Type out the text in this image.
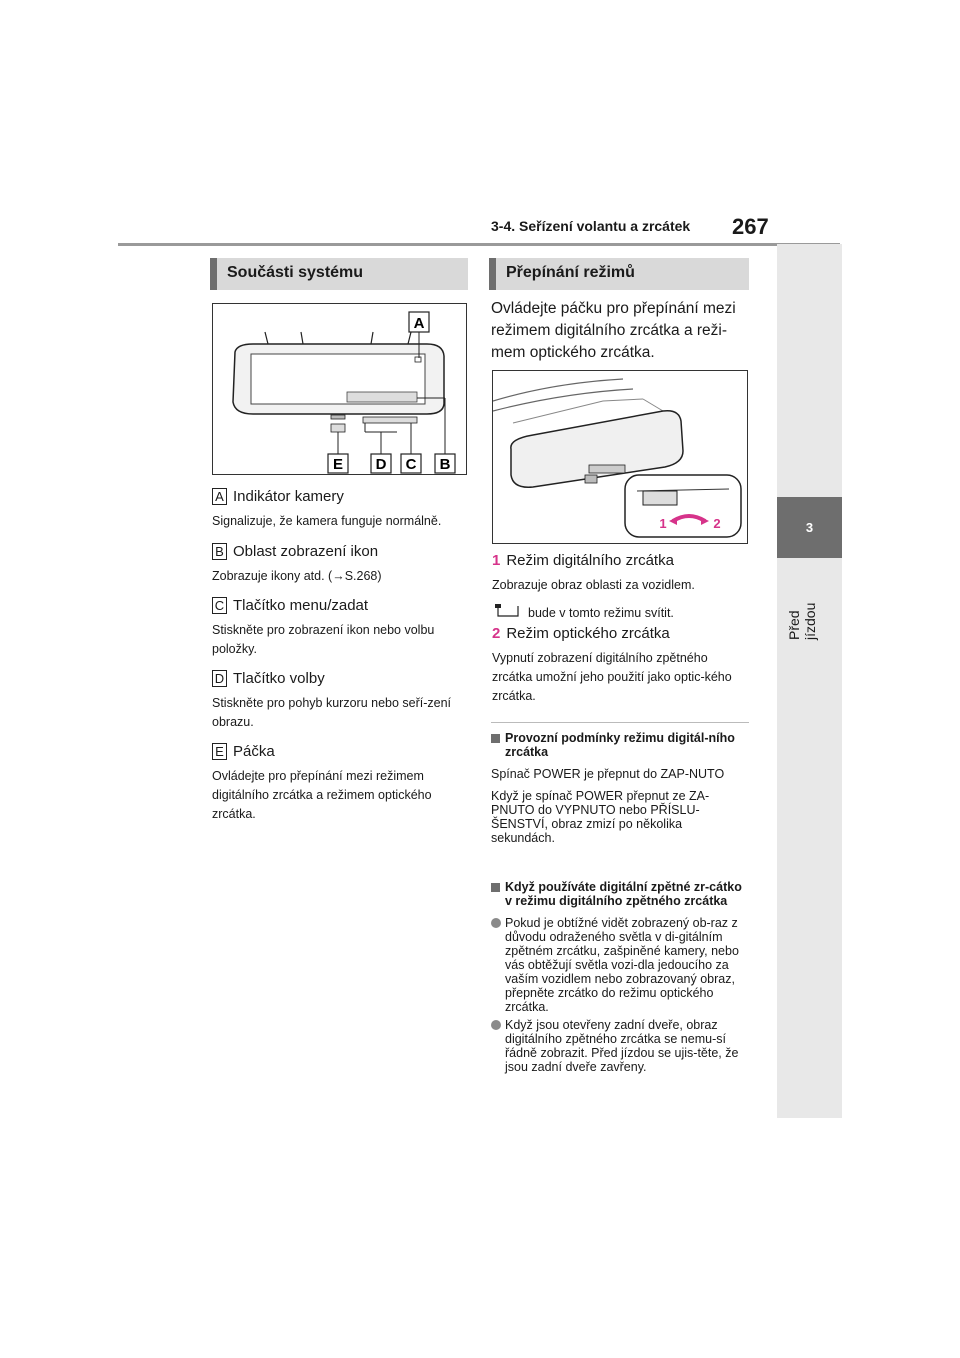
3-4. Seřízení volantu a zrcátek 267
3
Před jízdou
Součásti systému
A
E D C B
A Indikátor kamery
Signalizuje, že kamera funguje normálně.
B Oblast zobrazení ikon
Zobrazuje ikony atd. (→S.268)
C Tlačítko menu/zadat
Stiskněte pro zobrazení ikon nebo volbu položky.
D Tlačítko volby
Stiskněte pro pohyb kurzoru nebo seří-zení obrazu.
E Páčka
Ovládejte pro přepínání mezi režimem digitálního zrcátka a režimem optického zrcátka.
Přepínání režimů
Ovládejte páčku pro přepínání mezi režimem digitálního zrcátka a reži-mem optického zrcátka.
1	2
1 Režim digitálního zrcátka
Zobrazuje obraz oblasti za vozidlem.
bude v tomto režimu svítit.
2 Režim optického zrcátka
Vypnutí zobrazení digitálního zpětného zrcátka umožní jeho použití jako optic-kého zrcátka.
Provozní podmínky režimu digitál-ního zrcátka
Spínač POWER je přepnut do ZAP-NUTO
Když je spínač POWER přepnut ze ZA-PNUTO do VYPNUTO nebo PŘÍSLU-ŠENSTVÍ, obraz zmizí po několika sekundách.
Když používáte digitální zpětné zr-cátko v režimu digitálního zpětného zrcátka
Pokud je obtížné vidět zobrazený ob-raz z důvodu odraženého světla v di-gitálním zpětném zrcátku, zašpiněné kamery, nebo vás obtěžují světla vozi-dla jedoucího za vaším vozidlem nebo zobrazovaný obraz, přepněte zrcátko do režimu optického zrcátka.
Když jsou otevřeny zadní dveře, obraz digitálního zpětného zrcátka se nemu-sí řádně zobrazit. Před jízdou se ujis-těte, že jsou zadní dveře zavřeny.
